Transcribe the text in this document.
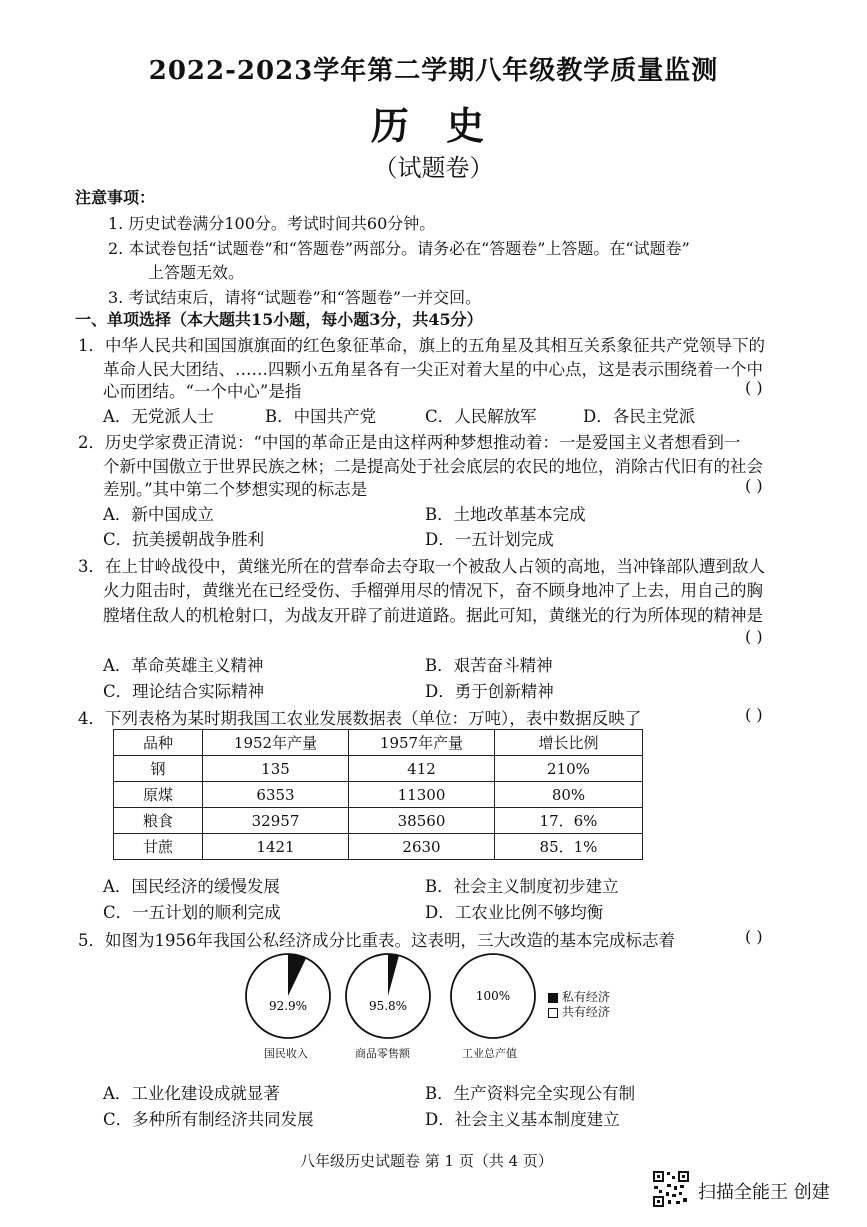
2022-2023学年第二学期八年级教学质量监测
历 史
（试题卷）
注意事项：
1. 历史试卷满分100分。考试时间共60分钟。
2. 本试卷包括“试题卷”和“答题卷”两部分。请务必在“答题卷”上答题。在“试题卷”
上答题无效。
3. 考试结束后，请将“试题卷”和“答题卷”一并交回。
一、单项选择（本大题共15小题，每小题3分，共45分）
1．中华人民共和国国旗旗面的红色象征革命，旗上的五角星及其相互关系象征共产党领导下的
革命人民大团结、……四颗小五角星各有一尖正对着大星的中心点，这是表示围绕着一个中
心而团结。“一个中心”是指	( )
A．无党派人士	B．中国共产党	C．人民解放军	D．各民主党派
2．历史学家费正清说：“中国的革命正是由这样两种梦想推动着：一是爱国主义者想看到一
个新中国傲立于世界民族之林；二是提高处于社会底层的农民的地位，消除古代旧有的社会
差别。”其中第二个梦想实现的标志是	( )
A．新中国成立	B．土地改革基本完成
C．抗美援朝战争胜利	D．一五计划完成
3．在上甘岭战役中，黄继光所在的营奉命去夺取一个被敌人占领的高地，当冲锋部队遭到敌人
火力阻击时，黄继光在已经受伤、手榴弹用尽的情况下，奋不顾身地冲了上去，用自己的胸
膛堵住敌人的机枪射口，为战友开辟了前进道路。据此可知，黄继光的行为所体现的精神是
( )
A．革命英雄主义精神	B．艰苦奋斗精神
C．理论结合实际精神	D．勇于创新精神
4．下列表格为某时期我国工农业发展数据表（单位：万吨），表中数据反映了	( )
品种	1952年产量	1957年产量	增长比例
钢	135	412	210%
原煤	6353	11300	80%
粮食	32957	38560	17．6%
甘蔗	1421	2630	85．1%
A．国民经济的缓慢发展	B．社会主义制度初步建立
C．一五计划的顺利完成	D．工农业比例不够均衡
5．如图为1956年我国公私经济成分比重表。这表明，三大改造的基本完成标志着	( )
92.9%	95.8%
100%
国民收入	商品零售额	工业总产值
私有经济
共有经济
A．工业化建设成就显著	B．生产资料完全实现公有制
C．多种所有制经济共同发展	D．社会主义基本制度建立
八年级历史试题卷 第 1 页（共 4 页）
扫描全能王 创建
